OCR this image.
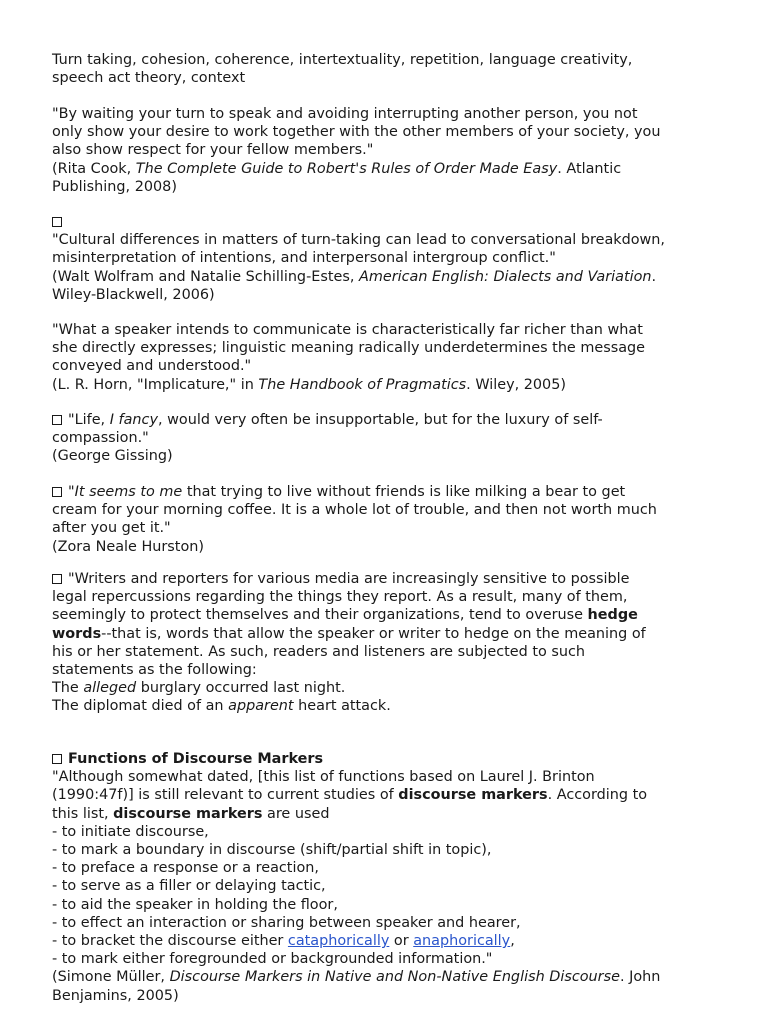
Turn taking, cohesion, coherence, intertextuality, repetition, language creativity,
speech act theory, context

"By waiting your turn to speak and avoiding interrupting another person, you not
only show your desire to work together with the other members of your society, you
also show respect for your fellow members."
(Rita Cook, The Complete Guide to Robert's Rules of Order Made Easy. Atlantic
Publishing, 2008)

"Cultural differences in matters of turn-taking can lead to conversational breakdown,
misinterpretation of intentions, and interpersonal intergroup conflict."
(Walt Wolfram and Natalie Schilling-Estes, American English: Dialects and Variation.
Wiley-Blackwell, 2006)

"What a speaker intends to communicate is characteristically far richer than what
she directly expresses; linguistic meaning radically underdetermines the message
conveyed and understood."
(L. R. Horn, "Implicature," in The Handbook of Pragmatics. Wiley, 2005)

"Life, I fancy, would very often be insupportable, but for the luxury of self-
compassion."
(George Gissing)

"It seems to me that trying to live without friends is like milking a bear to get
cream for your morning coffee. It is a whole lot of trouble, and then not worth much
after you get it."
(Zora Neale Hurston)

"Writers and reporters for various media are increasingly sensitive to possible
legal repercussions regarding the things they report. As a result, many of them,
seemingly to protect themselves and their organizations, tend to overuse hedge
words--that is, words that allow the speaker or writer to hedge on the meaning of
his or her statement. As such, readers and listeners are subjected to such
statements as the following:
The alleged burglary occurred last night.
The diplomat died of an apparent heart attack.

Functions of Discourse Markers
"Although somewhat dated, [this list of functions based on Laurel J. Brinton
(1990:47f)] is still relevant to current studies of discourse markers. According to
this list, discourse markers are used
- to initiate discourse,
- to mark a boundary in discourse (shift/partial shift in topic),
- to preface a response or a reaction,
- to serve as a filler or delaying tactic,
- to aid the speaker in holding the floor,
- to effect an interaction or sharing between speaker and hearer,
- to bracket the discourse either cataphorically or anaphorically,
- to mark either foregrounded or backgrounded information."
(Simone Müller, Discourse Markers in Native and Non-Native English Discourse. John
Benjamins, 2005)
